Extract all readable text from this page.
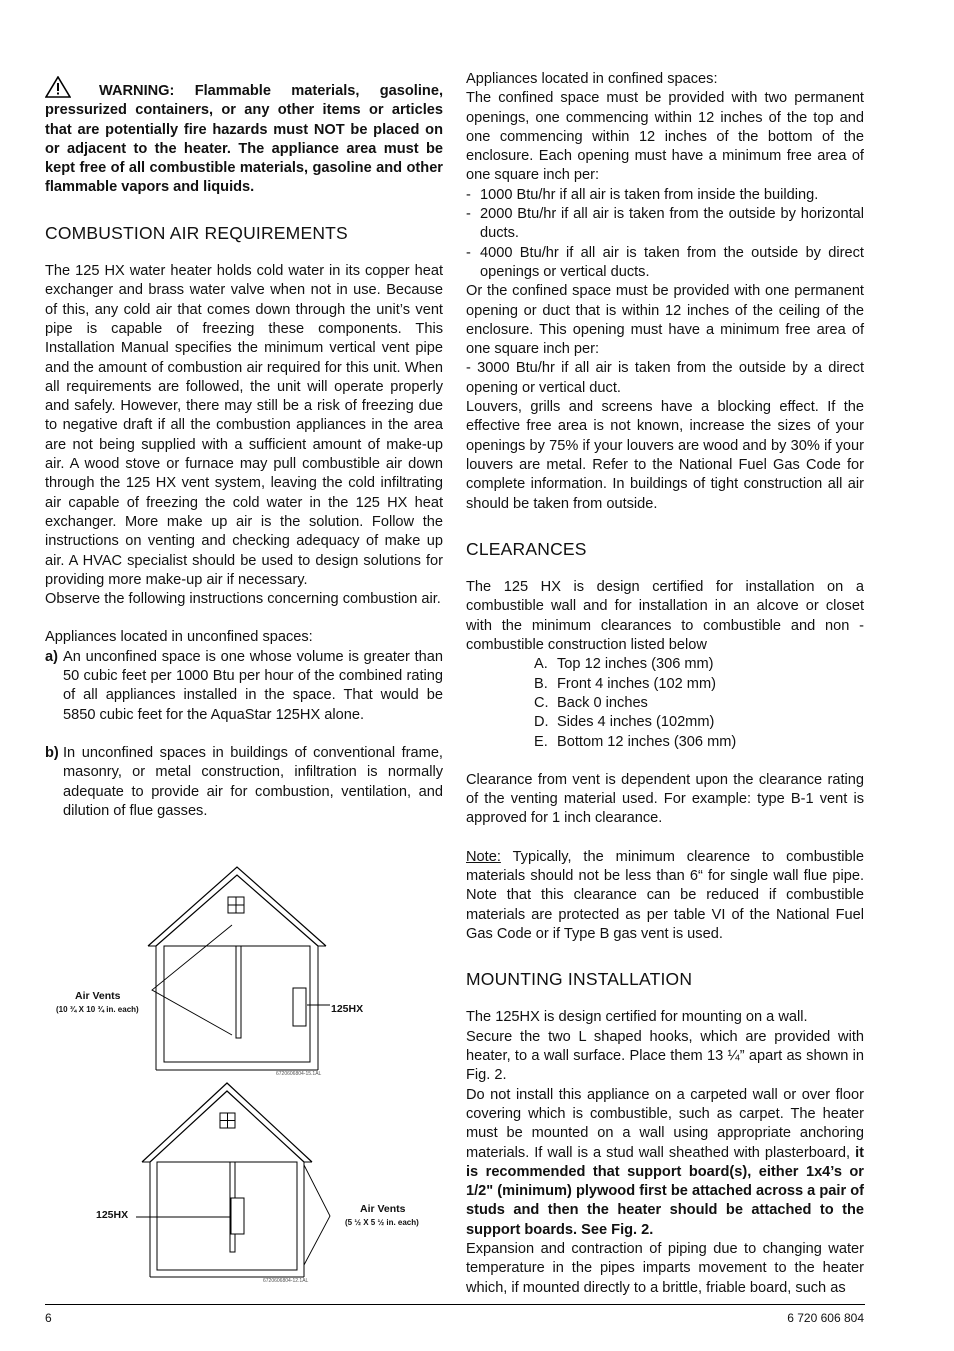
WARNING: Flammable materials, gasoline, pressurized containers, or any other items or articles that are potentially fire hazards must NOT be placed on or adjacent to the heater. The appliance area must be kept free of all combustible materials, gasoline and other flammable vapors and liquids.

COMBUSTION AIR REQUIREMENTS

The 125 HX water heater holds cold water in its copper heat exchanger and brass water valve when not in use. Because of this, any cold air that comes down through the unit’s vent pipe is capable of freezing these components. This Installation Manual specifies the minimum vertical vent pipe and the amount of combustion air required for this unit. When all requirements are followed, the unit will operate properly and safely. However, there may still be a risk of freezing due to negative draft if all the combustion appliances in the area are not being supplied with a sufficient amount of make-up air. A wood stove or furnace may pull combustible air down through the 125 HX vent system, leaving the cold infiltrating air capable of freezing the cold water in the 125 HX heat exchanger. More make up air is the solution. Follow the instructions on venting and checking adequacy of make up air. A HVAC specialist should be used to design solutions for providing more make-up air if necessary.

Observe the following instructions concerning combustion air.

Appliances located in unconfined spaces:

a) An unconfined space is one whose volume is greater than 50 cubic feet per 1000 Btu per hour of the combined rating of all appliances installed in the space. That would be 5850 cubic feet for the AquaStar 125HX alone.
b) In unconfined spaces in buildings of conventional frame, masonry, or metal construction, infiltration is normally adequate to provide air for combustion, ventilation, and dilution of flue gasses.
Air Vents
(10 ¾ X 10 ¾ in. each)	125HX
6720606804-15.1AL
125HX	Air Vents
(5 ½ X 5 ½ in. each)
6720606804-12.1AL

Appliances located in confined spaces:

The confined space must be provided with two permanent openings, one commencing within 12 inches of the top and one commencing within 12 inches of the bottom of the enclosure. Each opening must have a minimum free area of one square inch per:

- 1000 Btu/hr if all air is taken from inside the building.
- 2000 Btu/hr if all air is taken from the outside by horizontal ducts.
- 4000 Btu/hr if all air is taken from the outside by direct openings or vertical ducts.

Or the confined space must be provided with one permanent opening or duct that is within 12 inches of the ceiling of the enclosure. This opening must have a minimum free area of one square inch per:

- 3000 Btu/hr if all air is taken from the outside by a direct opening or vertical duct.

Louvers, grills and screens have a blocking effect. If the effective free area is not known, increase the sizes of your openings by 75% if your louvers are wood and by 30% if your louvers are metal. Refer to the National Fuel Gas Code for complete information. In buildings of tight construction all air should be taken from outside.

CLEARANCES

The 125 HX is design certified for installation on a combustible wall and for installation in an alcove or closet with the minimum clearances to combustible and non - combustible construction listed below

A. Top 12 inches (306 mm)
B. Front 4 inches (102 mm)
C. Back 0 inches
D. Sides 4 inches (102mm)
E. Bottom 12 inches (306 mm)

Clearance from vent is dependent upon the clearance rating of the venting material used. For example: type B-1 vent is approved for 1 inch clearance.

Note: Typically, the minimum clearence to combustible materials should not be less than 6“ for single wall flue pipe. Note that this clearance can be reduced if combustible materials are protected as per table VI of the National Fuel Gas Code or if Type B gas vent is used.

MOUNTING INSTALLATION

The 125HX is design certified for mounting on a wall.

Secure the two L shaped hooks, which are provided with heater, to a wall surface. Place them 13 ¼” apart as shown in Fig. 2.

Do not install this appliance on a carpeted wall or over floor covering which is combustible, such as carpet. The heater must be mounted on a wall using appropriate anchoring materials. If wall is a stud wall sheathed with plasterboard, it is recommended that support board(s), either 1x4’s or 1/2" (minimum) plywood first be attached across a pair of studs and then the heater should be attached to the support boards. See Fig. 2.

Expansion and contraction of piping due to changing water temperature in the pipes imparts movement to the heater which, if mounted directly to a brittle, friable board, such as

6	6 720 606 804
